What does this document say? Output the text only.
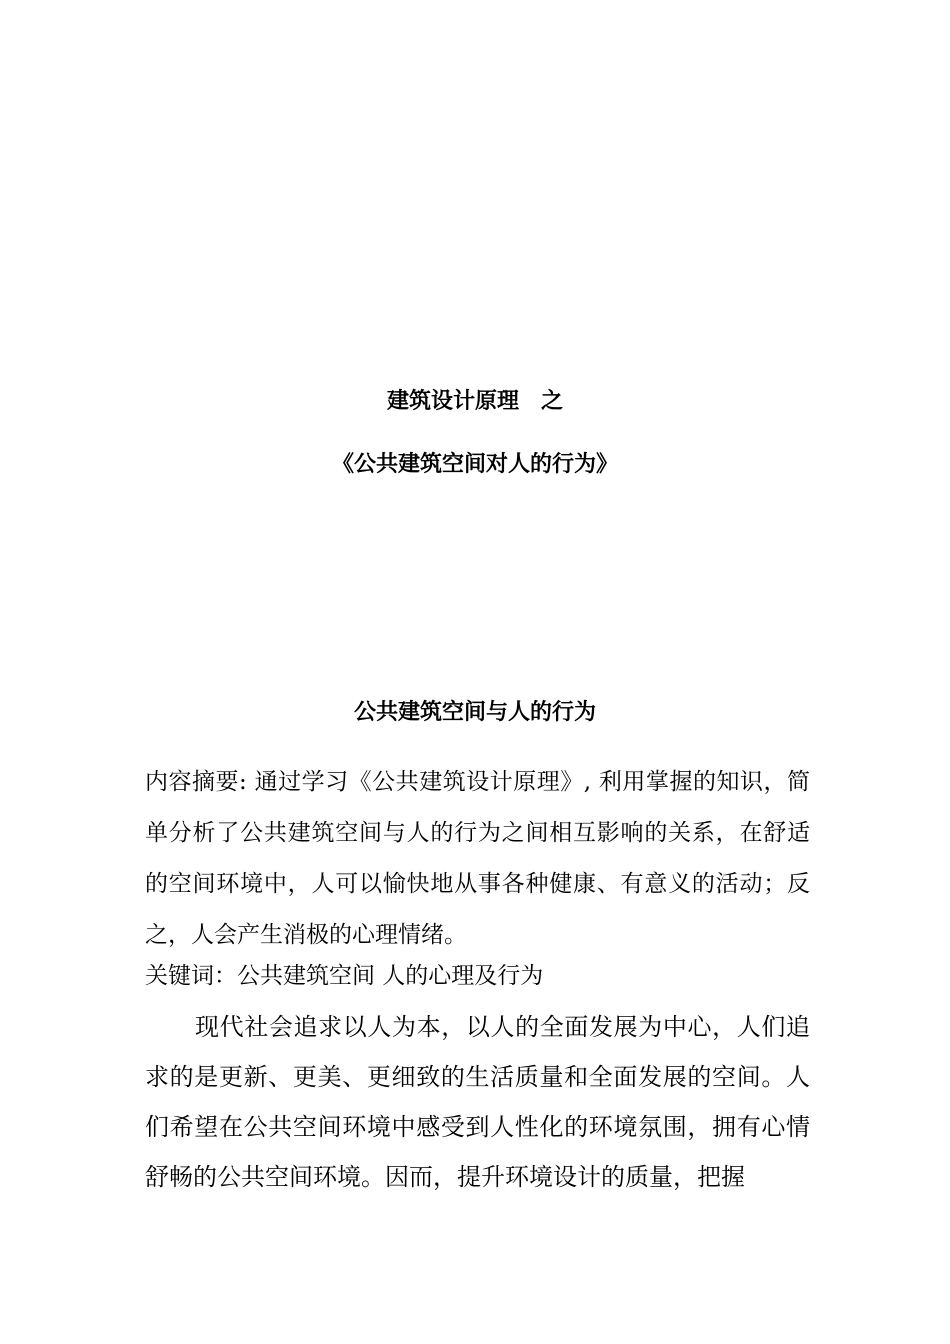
建筑设计原理　之
《公共建筑空间对人的行为》
公共建筑空间与人的行为
内容摘要: 通过学习《公共建筑设计原理》, 利用掌握的知识，简单分析了公共建筑空间与人的行为之间相互影响的关系，在舒适的空间环境中，人可以愉快地从事各种健康、有意义的活动；反之，人会产生消极的心理情绪。
关键词：公共建筑空间 人的心理及行为
现代社会追求以人为本，以人的全面发展为中心，人们追求的是更新、更美、更细致的生活质量和全面发展的空间。人们希望在公共空间环境中感受到人性化的环境氛围，拥有心情舒畅的公共空间环境。因而，提升环境设计的质量，把握
